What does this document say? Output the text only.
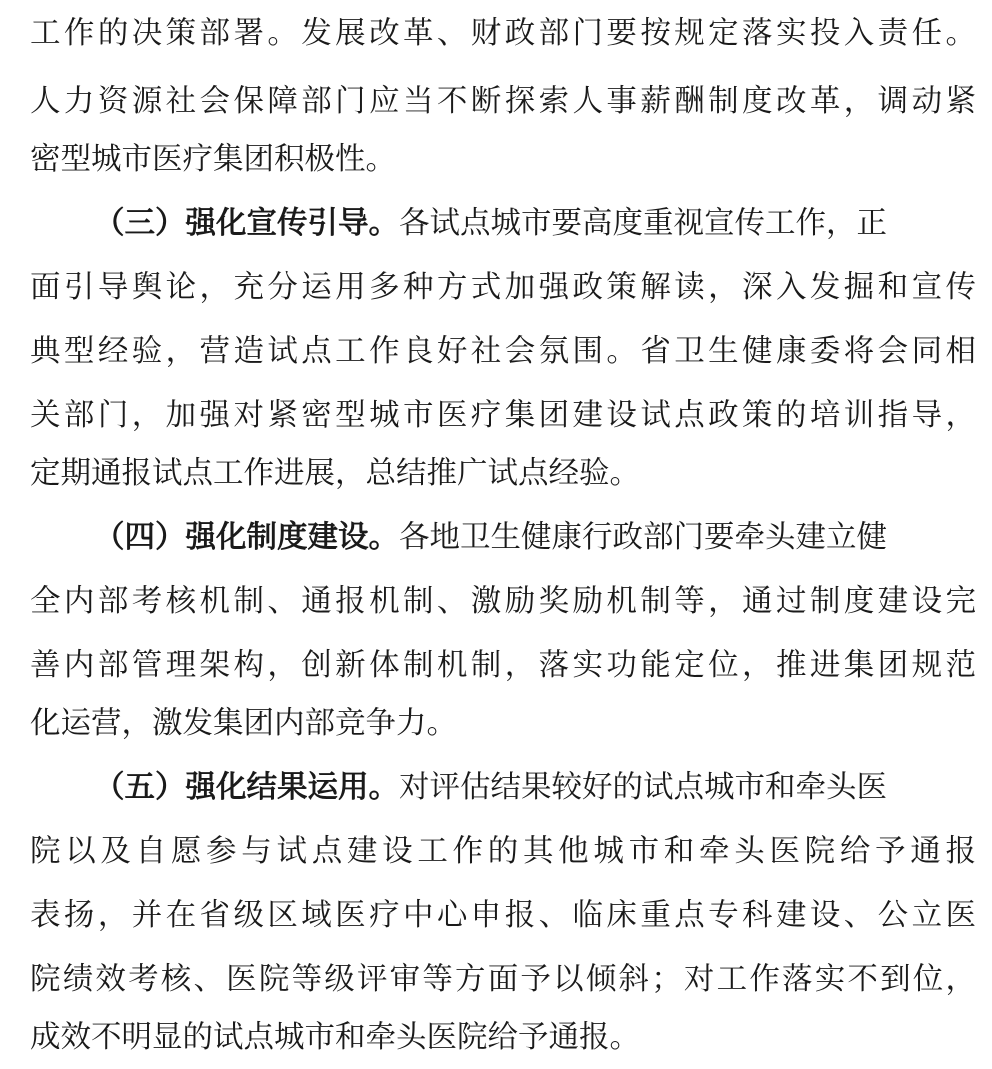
工作的决策部署。发展改革、财政部门要按规定落实投入责任。
人力资源社会保障部门应当不断探索人事薪酬制度改革，调动紧
密型城市医疗集团积极性。
（三）强化宣传引导。各试点城市要高度重视宣传工作，正
面引导舆论，充分运用多种方式加强政策解读，深入发掘和宣传
典型经验，营造试点工作良好社会氛围。省卫生健康委将会同相
关部门，加强对紧密型城市医疗集团建设试点政策的培训指导，
定期通报试点工作进展，总结推广试点经验。
（四）强化制度建设。各地卫生健康行政部门要牵头建立健
全内部考核机制、通报机制、激励奖励机制等，通过制度建设完
善内部管理架构，创新体制机制，落实功能定位，推进集团规范
化运营，激发集团内部竞争力。
（五）强化结果运用。对评估结果较好的试点城市和牵头医
院以及自愿参与试点建设工作的其他城市和牵头医院给予通报
表扬，并在省级区域医疗中心申报、临床重点专科建设、公立医
院绩效考核、医院等级评审等方面予以倾斜；对工作落实不到位，
成效不明显的试点城市和牵头医院给予通报。
